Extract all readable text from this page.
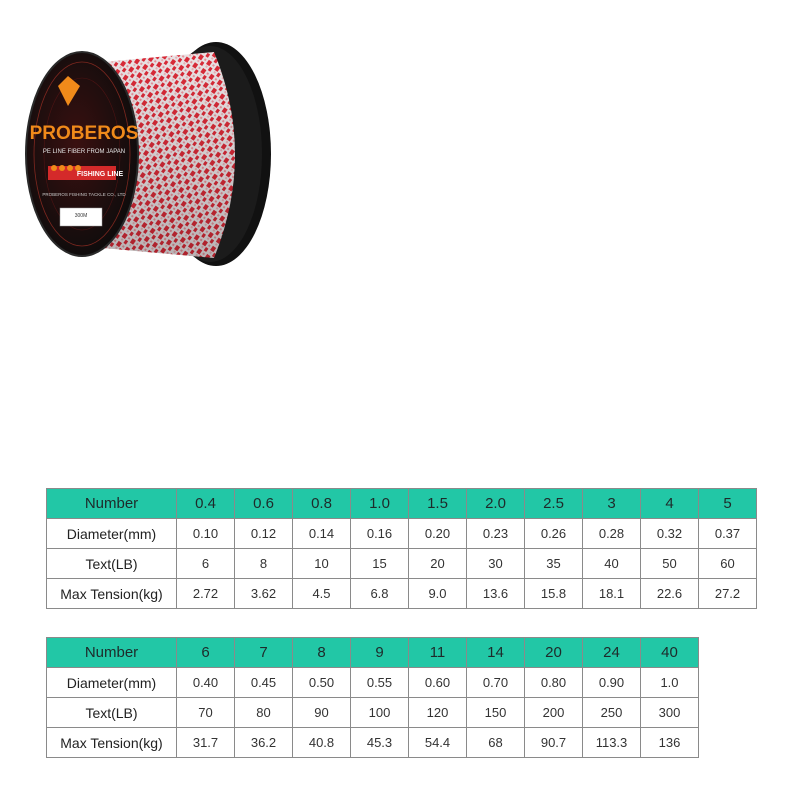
PROBEROS
PE LINE FIBER FROM JAPAN
FISHING LINE
PROBEROS FISHING TACKLE CO., LTD
300M
Number	0.4	0.6	0.8	1.0	1.5	2.0	2.5	3	4	5
Diameter(mm)	0.10	0.12	0.14	0.16	0.20	0.23	0.26	0.28	0.32	0.37
Text(LB)	6	8	10	15	20	30	35	40	50	60
Max Tension(kg)	2.72	3.62	4.5	6.8	9.0	13.6	15.8	18.1	22.6	27.2
Number	6	7	8	9	11	14	20	24	40
Diameter(mm)	0.40	0.45	0.50	0.55	0.60	0.70	0.80	0.90	1.0
Text(LB)	70	80	90	100	120	150	200	250	300
Max Tension(kg)	31.7	36.2	40.8	45.3	54.4	68	90.7	113.3	136
